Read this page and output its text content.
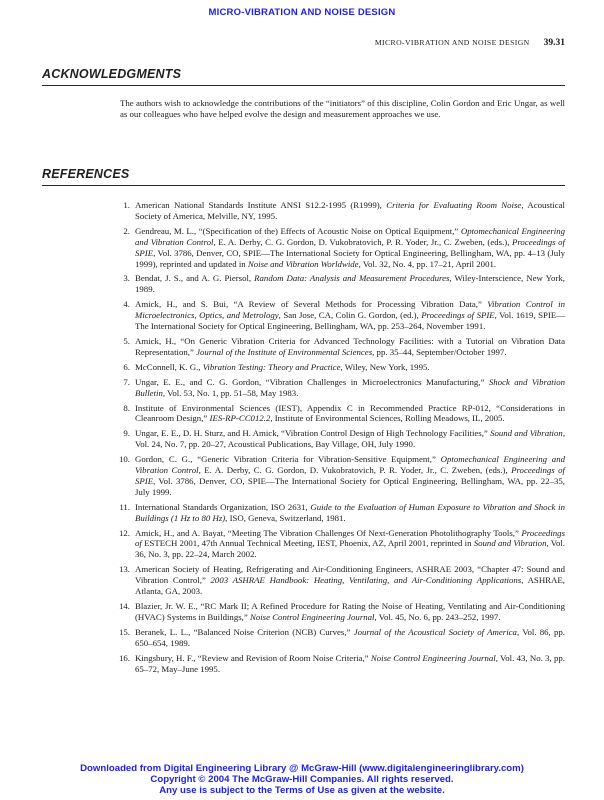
MICRO-VIBRATION AND NOISE DESIGN
MICRO-VIBRATION AND NOISE DESIGN 39.31
ACKNOWLEDGMENTS

The authors wish to acknowledge the contributions of the “initiators” of this discipline, Colin Gordon and Eric Ungar, as well as our colleagues who have helped evolve the design and measurement approaches we use.

REFERENCES
1. American National Standards Institute ANSI S12.2-1995 (R1999), Criteria for Evaluating Room Noise, Acoustical Society of America, Melville, NY, 1995.
2. Gendreau, M. L., “(Specification of the) Effects of Acoustic Noise on Optical Equipment,” Optomechanical Engineering and Vibration Control, E. A. Derby, C. G. Gordon, D. Vukobratovich, P. R. Yoder, Jr., C. Zweben, (eds.), Proceedings of SPIE, Vol. 3786, Denver, CO, SPIE—The International Society for Optical Engineering, Bellingham, WA, pp. 4–13 (July 1999), reprinted and updated in Noise and Vibration Worldwide, Vol. 32, No. 4, pp. 17–21, April 2001.
3. Bendat, J. S., and A. G. Piersol, Random Data: Analysis and Measurement Procedures, Wiley-Interscience, New York, 1989.
4. Amick, H., and S. Bui, “A Review of Several Methods for Processing Vibration Data,” Vibration Control in Microelectronics, Optics, and Metrology, San Jose, CA, Colin G. Gordon, (ed.), Proceedings of SPIE, Vol. 1619, SPIE—The International Society for Optical Engineering, Bellingham, WA, pp. 253–264, November 1991.
5. Amick, H., “On Generic Vibration Criteria for Advanced Technology Facilities: with a Tutorial on Vibration Data Representation,” Journal of the Institute of Environmental Sciences, pp. 35–44, September/October 1997.
6. McConnell, K. G., Vibration Testing: Theory and Practice, Wiley, New York, 1995.
7. Ungar, E. E., and C. G. Gordon, “Vibration Challenges in Microelectronics Manufacturing,” Shock and Vibration Bulletin, Vol. 53, No. 1, pp. 51–58, May 1983.
8. Institute of Environmental Sciences (IEST), Appendix C in Recommended Practice RP-012, “Considerations in Cleanroom Design,” IES-RP-CC012.2, Institute of Environmental Sciences, Rolling Meadows, IL, 2005.
9. Ungar, E. E., D. H. Sturz, and H. Amick, “Vibration Control Design of High Technology Facilities,” Sound and Vibration, Vol. 24, No. 7, pp. 20–27, Acoustical Publications, Bay Village, OH, July 1990.
10. Gordon, C. G., “Generic Vibration Criteria for Vibration-Sensitive Equipment,” Optomechanical Engineering and Vibration Control, E. A. Derby, C. G. Gordon, D. Vukobratovich, P. R. Yoder, Jr., C. Zweben, (eds.), Proceedings of SPIE, Vol. 3786, Denver, CO, SPIE—The International Society for Optical Engineering, Bellingham, WA, pp. 22–35, July 1999.
11. International Standards Organization, ISO 2631, Guide to the Evaluation of Human Exposure to Vibration and Shock in Buildings (1 Hz to 80 Hz), ISO, Geneva, Switzerland, 1981.
12. Amick, H., and A. Bayat, “Meeting The Vibration Challenges Of Next-Generation Photolithography Tools,” Proceedings of ESTECH 2001, 47th Annual Technical Meeting, IEST, Phoenix, AZ, April 2001, reprinted in Sound and Vibration, Vol. 36, No. 3, pp. 22–24, March 2002.
13. American Society of Heating, Refrigerating and Air-Conditioning Engineers, ASHRAE 2003, “Chapter 47: Sound and Vibration Control,” 2003 ASHRAE Handbook: Heating, Ventilating, and Air-Conditioning Applications, ASHRAE, Atlanta, GA, 2003.
14. Blazier, Jr. W. E., “RC Mark II; A Refined Procedure for Rating the Noise of Heating, Ventilating and Air-Conditioning (HVAC) Systems in Buildings,” Noise Control Engineering Journal, Vol. 45, No. 6, pp. 243–252, 1997.
15. Beranek, L. L., “Balanced Noise Criterion (NCB) Curves,” Journal of the Acoustical Society of America, Vol. 86, pp. 650–654, 1989.
16. Kingsbury, H. F., “Review and Revision of Room Noise Criteria,” Noise Control Engineering Journal, Vol. 43, No. 3, pp. 65–72, May–June 1995.
Downloaded from Digital Engineering Library @ McGraw-Hill (www.digitalengineeringlibrary.com)
Copyright © 2004 The McGraw-Hill Companies. All rights reserved.
Any use is subject to the Terms of Use as given at the website.
